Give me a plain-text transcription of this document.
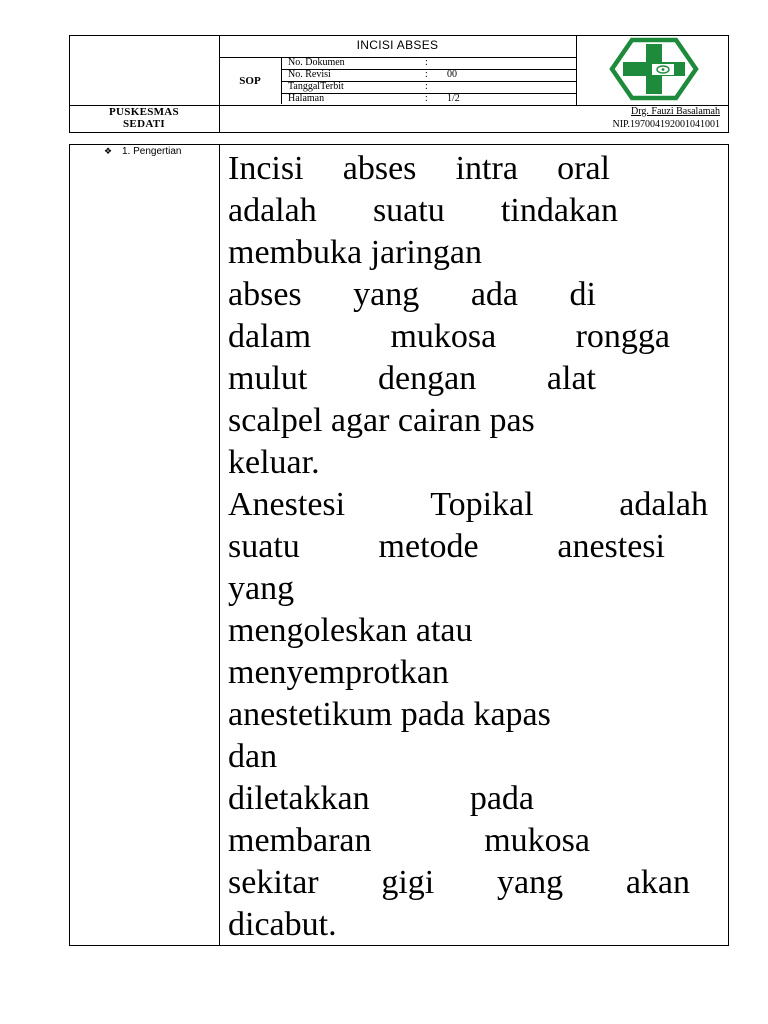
INCISI ABSES
SOP
No. Dokumen	:
No. Revisi	: 00
TanggalTerbit	:
Halaman	: 1/2
PUSKESMAS
SEDATI
Drg. Fauzi Basalamah
NIP.197004192001041001
❖ 1. Pengertian Incisi abses intra oral
adalah suatu tindakan
membuka jaringan
abses yang ada di
dalam mukosa rongga
mulut dengan alat
scalpel agar cairan pas
keluar.
Anestesi Topikal adalah
suatu metode anestesi
yang
mengoleskan atau
menyemprotkan
anestetikum pada kapas
dan
diletakkan pada
membaran mukosa
sekitar gigi yang akan
dicabut.
